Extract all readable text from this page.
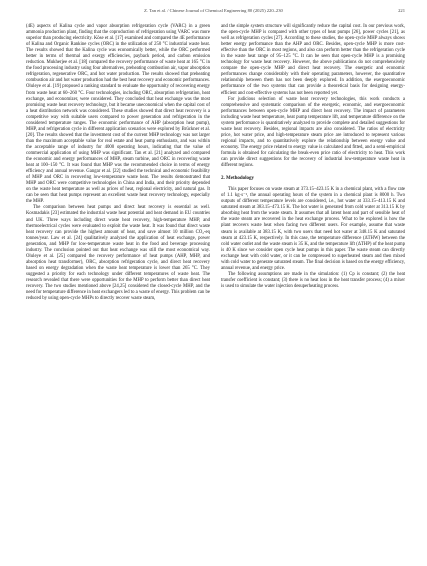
Z. Tan et al. / Chinese Journal of Chemical Engineering 80 (2025) 220–230	221

(4E) aspects of Kalina cycle and vapor absorption refrigeration cycle (VARC) in a green ammonia production plant, finding that the coproduction of refrigeration using VARC was more superior than producing electricity. Köse et al. [17] examined and compared the 4E performance of Kalina and Organic Rankine cycles (ORC) in the utilization of 250 °C industrial waste heat. The results showed that the Kalina cycle was economically better, while the ORC performed better in terms of thermal and exergy efficiencies, payback period, and carbon emission reduction. Mukherjee et al. [18] compared the recovery performance of waste heat at 165 °C in the food processing industry using four alternatives, preheating combustion air, vapor absorption refrigeration, regenerative ORC, and hot water production. The results showed that preheating combustion air and hot water production had the best heat recovery and economic performances. Oluleye et al. [19] proposed a ranking standard to evaluate the opportunity of recovering energy from waste heat at 60–260 °C. Four technologies, including ORC, absorption refrigeration, heat exchange, and economizer, were considered. They concluded that heat exchange was the most promising waste heat recovery technology, but it became uneconomical when the capital cost of a heat distribution network was considered. These studies showed that direct heat recovery is a competitive way with suitable users compared to power generation and refrigeration in the considered temperature ranges. The economic performance of AHP (absorption heat pump), MHP, and refrigeration cycle in different application scenarios were explored by Brückner et al. [20]. The results showed that the investment cost of the current MHP technology was not larger than the maximum acceptable value for real estate and heat pump enthusiasts, and was within the acceptable range of industry for 4000 operating hours, indicating that the value of commercial application of using MHP was significant. Tan et al. [21] analyzed and compared the economic and energy performances of MHP, steam turbine, and ORC in recovering waste heat at 100–150 °C. It was found that MHP was the recommended choice in terms of energy efficiency and annual revenue. Gangar et al. [22] studied the technical and economic feasibility of MHP and ORC in recovering low-temperature waste heat. The results demonstrated that MHP and ORC were competitive technologies in China and India, and their priority depended on the waste heat temperature as well as prices of heat, regional electricity, and natural gas. It can be seen that heat pumps represent an excellent waste heat recovery technology, especially the MHP.

The comparison between heat pumps and direct heat recovery is essential as well. Kosmadakis [23] estimated the industrial waste heat potential and heat demand in EU countries and UK. Three ways including direct waste heat recovery, high-temperature MHP, and thermoelectrical cycles were evaluated to exploit the waste heat. It was found that direct waste heat recovery can provide the highest amount of heat, and save almost 10 million CO₂-eq tonnes/year. Law et al. [24] qualitatively analyzed the application of heat exchange, power generation, and MHP for low-temperature waste heat in the food and beverage processing industry. The conclusion pointed out that heat exchange was still the most economical way. Oluleye et al. [25] compared the recovery performance of heat pumps (AHP, MHP, and absorption heat transformer), ORC, absorption refrigeration cycle, and direct heat recovery based on energy degradation when the waste heat temperature is lower than 265 °C. They suggested a priority for each technology under different temperatures of waste heat. The research revealed that there were opportunities for the MHP to perform better than direct heat recovery. The two studies mentioned above [24,25] considered the closed-cycle MHP, and the need for temperature difference in heat exchangers led to a waste of energy. This problem can be reduced by using open-cycle MHPs to directly recover waste steam,

and the simple system structure will significantly reduce the capital cost. In our previous work, the open-cycle MHP is compared with other types of heat pumps [26], power cycles [21], as well as refrigeration cycles [27]. According to these studies, the open-cycle MHP always shows better energy performance than the AHP and ORC. Besides, open-cycle MHP is more cost-effective than the ORC in most regions, and also can perform better than the refrigeration cycle in the waste heat range of 95–125 °C. It can be seen that open-cycle MHP is a promising technology for waste heat recovery. However, the above publications do not comprehensively compare the open-cycle MHP and direct heat recovery. The energetic and economic performances change considerably with their operating parameters, however, the quantitative relationship between them has not been deeply explored. In addition, the exergoeconomic performance of the two systems that can provide a theoretical basis for designing energy-efficient and cost-effective systems has not been reported yet.

For judicious selection of waste heat recovery technologies, this work conducts a comprehensive and systematic comparison of the energetic, economic, and exergoeconomic performances between open-cycle MHP and direct heat recovery. The impact of parameters including waste heat temperature, heat pump temperature lift, and temperature difference on the system performance is quantitatively analyzed to provide complete and detailed suggestions for waste heat recovery. Besides, regional impacts are also considered. The ratios of electricity price, hot water price, and high-temperature steam price are introduced to represent various regional impacts, and to quantitatively explore the relationship between energy value and economy. The energy price related to energy value is calculated and fitted, and a semi-empirical formula is obtained for calculating the break-even price ratio of electricity to heat. This work can provide direct suggestions for the recovery of industrial low-temperature waste heat in different regions.

2. Methodology

This paper focuses on waste steam at 373.15–423.15 K in a chemical plant, with a flow rate of 1.1 kg·s⁻¹, the annual operating hours of the system in a chemical plant is 8000 h. Two outputs of different temperature levels are considered, i.e., hot water at 333.15–413.15 K and saturated steam at 383.15–473.15 K. The hot water is generated from cold water at 313.15 K by absorbing heat from the waste steam. It assumes that all latent heat and part of sensible heat of the waste steam are recovered in the heat exchange process. What to be explored is how the plant recovers waste heat when facing two different users. For example, assume that waste steam is available at 383.15 K, with two users that need hot water at 348.15 K and saturated steam at 423.15 K, respectively. In this case, the temperature difference (ΔTHW) between the cold water outlet and the waste steam is 35 K, and the temperature lift (ΔTHP) of the heat pump is 40 K since we consider open cycle heat pumps in this paper. The waste steam can directly exchange heat with cold water, or it can be compressed to superheated steam and then mixed with cold water to generate saturated steam. The final decision is based on the energy efficiency, annual revenue, and energy price.

The following assumptions are made in the simulation: (1) Cp is constant; (2) the heat transfer coefficient is constant; (3) there is no heat loss in the heat transfer process; (4) a mixer is used to simulate the water injection desuperheating process.
